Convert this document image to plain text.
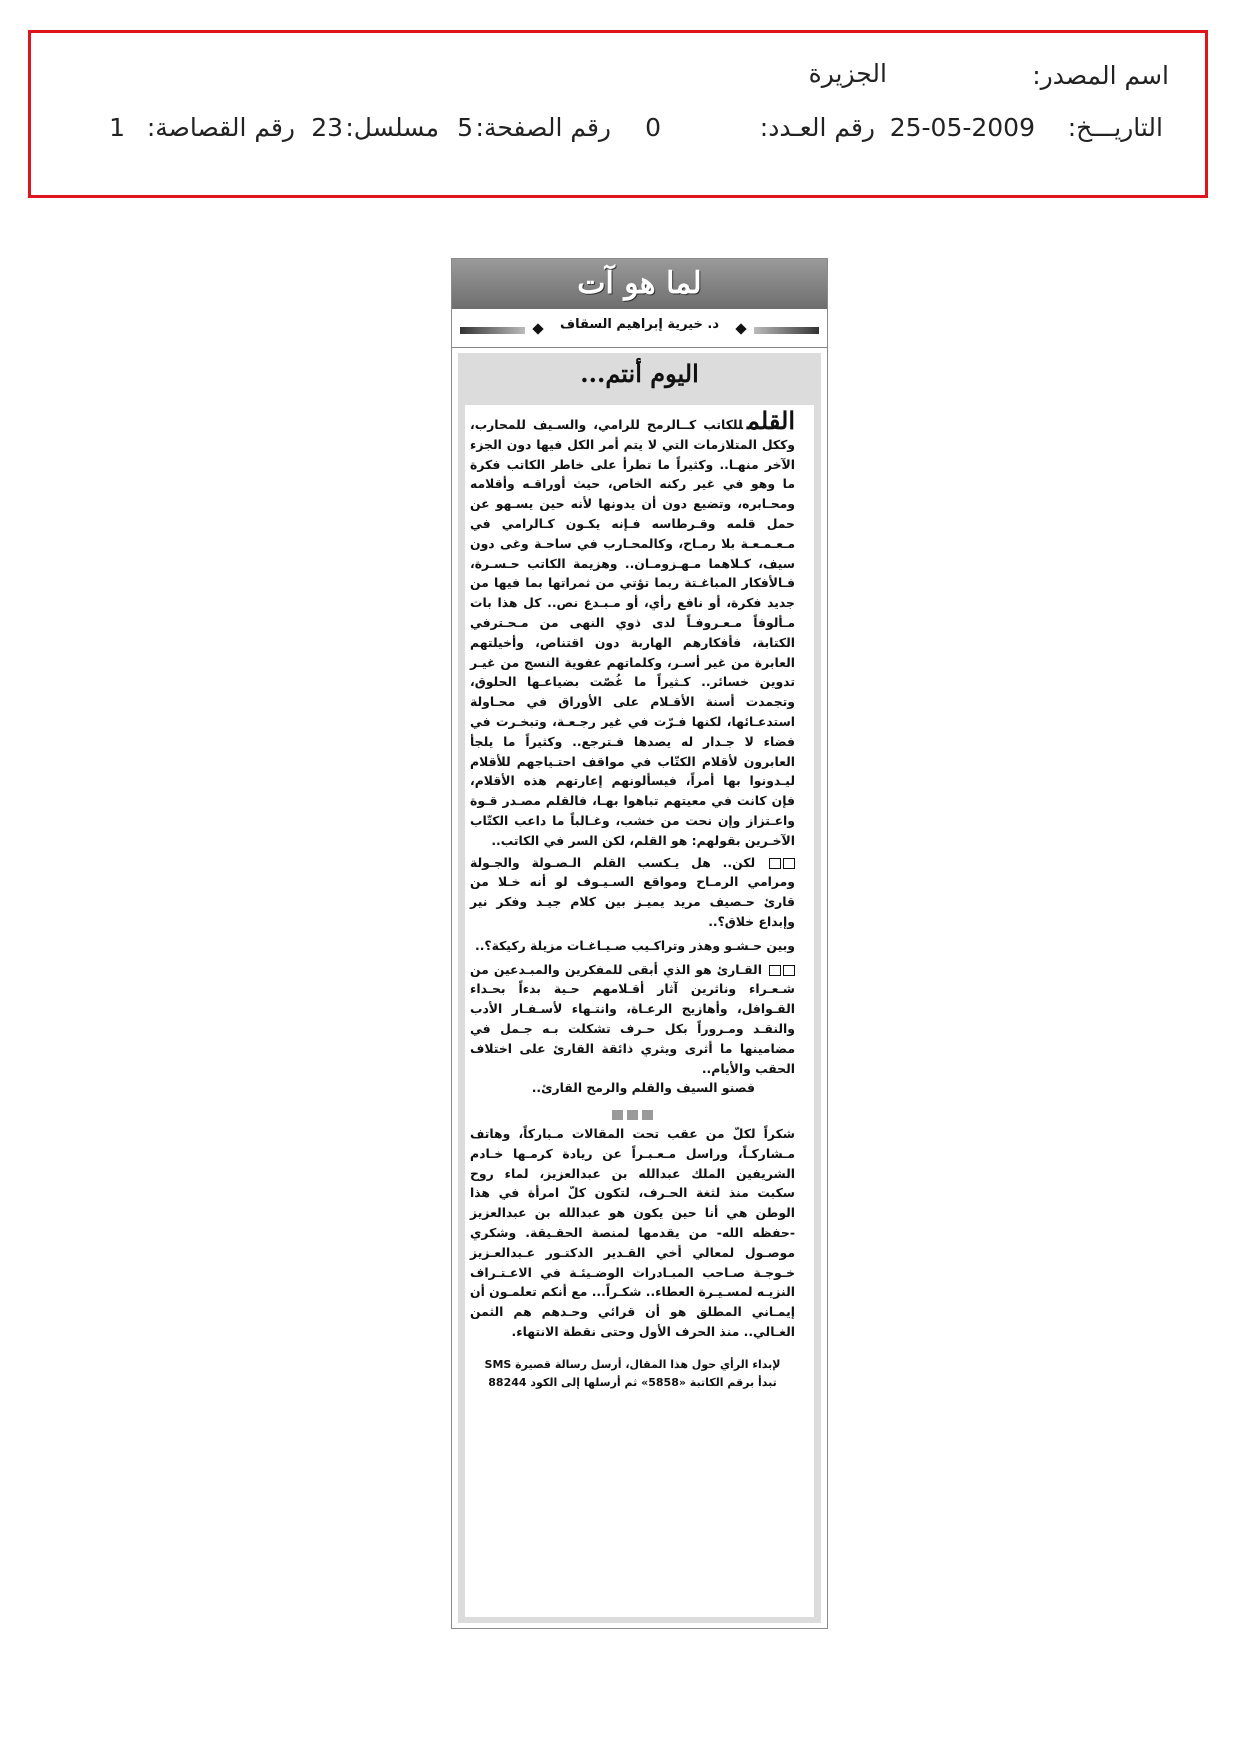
اسم المصدر:
الجزيرة
التاريـــخ:
25-05-2009
رقم العـدد:
0
رقم الصفحة:
5
مسلسل:
23
رقم القصاصة:
1
لما هو آت
د. خيرية إبراهيم السقاف
اليوم أنتم...

القلمللكاتب كــالرمح للرامي، والسـيف للمحارب، وككل المتلازمات التي لا يتم أمر الكل فيها دون الجزء الآخر منهـا.. وكثيراً ما تطرأ على خاطر الكاتب فكرة ما وهو في غير ركنه الخاص، حيث أوراقـه وأقلامه ومحـابره، وتضيع دون أن يدونها لأنه حين يسـهو عن حمل قلمه وقـرطاسه فـإنه يكـون كـالرامي في مـعـمـعـة بلا رمـاح، وكالمحـارب في ساحـة وغى دون سيف، كـلاهما مـهـزومـان.. وهزيمة الكاتب حـسـرة، فـالأفكار المباغـتة ربما تؤتي من ثمراتها بما فيها من جديد فكرة، أو نافع رأي، أو مـبـدع نص.. كل هذا بات مـألوفاً مـعـروفـاً لدى ذوي النهى من مـحـترفي الكتابة، فأفكارهم الهاربة دون اقتناص، وأخيلتهم العابرة من غير أسـر، وكلماتهم عفوية النسج من غيـر تدوين خسائر.. كـثيراً ما غُصّت بضياعـها الحلوق، وتجمدت أسنة الأقـلام على الأوراق في محـاولة استدعـائها، لكنها فـرّت في غير رجـعـة، وتبخـرت في فضاء لا جـدار له يصدها فـترجع.. وكثيراً ما يلجأ العابرون لأقلام الكتّاب في مواقف احتـياجهم للأقلام ليـدونوا بها أمراً، فيسألونهم إعارتهم هذه الأقلام، فإن كانت في معيتهم تباهوا بهـا، فالقلم مصـدر قـوة واعـتزاز وإن نحت من خشب، وغـالباً ما داعب الكتّاب الآخـرين بقولهم: هو القلم، لكن السر في الكاتب..

لكن.. هل يـكسب القلم الـصـولة والجـولة ومرامي الرمـاح ومواقع السـيـوف لو أنه خـلا من قارئ حـصيف مريد يميـز بين كلام جيـد وفكر نير وإبداع خلاق؟..

وبين حـشـو وهذر وتراكـيب صـيـاغـات مزيلة ركيكة؟..

القـارئ هو الذي أبقى للمفكرين والمبـدعين من شـعـراء وناثرين آثار أقـلامهم حـية بدءاً بحـداء القـوافل، وأهازيج الرعـاة، وانتـهاء لأسـفـار الأدب والنقـد ومـروراً بكل حـرف تشكلت بـه جـمل في مضامينها ما أثرى ويثري ذائقة القارئ على اختلاف الحقب والأيام..

فصنو السيف والقلم والرمح القارئ..

شكراً لكلّ من عقب تحت المقالات مـباركاً، وهاتف مـشاركـاً، وراسل مـعـبـراً عن ريادة كرمـها خـادم الشريفين الملك عبدالله بن عبدالعزيز، لماء روح سكبت منذ لثغة الحـرف، لتكون كلّ امرأة في هذا الوطن هي أنا حين يكون هو عبدالله بن عبدالعزيز -حفظه الله- من يقدمها لمنصة الحقـيقة. وشكري موصـول لمعالي أخي القـدير الدكتـور عـبدالعـزيز خـوجـة صـاحب المبـادرات الوضـيئـة في الاعـتـراف النزيـه لمسـيـرة العطاء.. شكـراً... مع أنكم تعلمـون أن إيمـاني المطلق هو أن قرائي وحـدهم هم الثمن الغـالي.. منذ الحرف الأول وحتى نقطة الانتهاء.

لإبداء الرأي حول هذا المقال، أرسل رسالة قصيرة SMS
تبدأ برقم الكاتبة «5858» ثم أرسلها إلى الكود 88244
